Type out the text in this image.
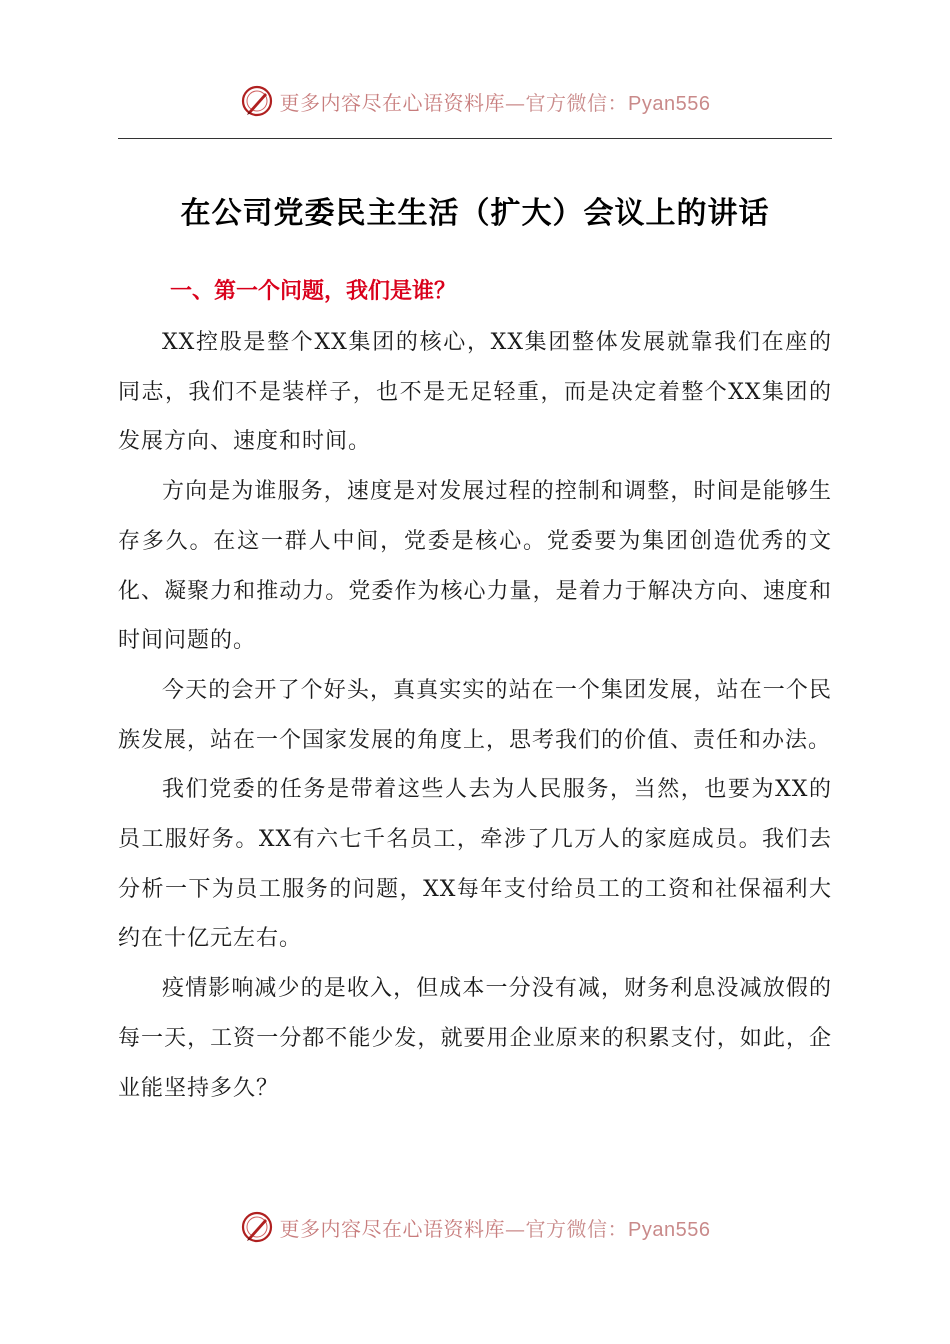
更多内容尽在心语资料库—官方微信：Pyan556
在公司党委民主生活（扩大）会议上的讲话
一、第一个问题，我们是谁？

XX控股是整个XX集团的核心，XX集团整体发展就靠我们在座的同志，我们不是装样子，也不是无足轻重，而是决定着整个XX集团的发展方向、速度和时间。

方向是为谁服务，速度是对发展过程的控制和调整，时间是能够生存多久。在这一群人中间，党委是核心。党委要为集团创造优秀的文化、凝聚力和推动力。党委作为核心力量，是着力于解决方向、速度和时间问题的。

今天的会开了个好头，真真实实的站在一个集团发展，站在一个民族发展，站在一个国家发展的角度上，思考我们的价值、责任和办法。

我们党委的任务是带着这些人去为人民服务，当然，也要为XX的员工服好务。XX有六七千名员工，牵涉了几万人的家庭成员。我们去分析一下为员工服务的问题，XX每年支付给员工的工资和社保福利大约在十亿元左右。

疫情影响减少的是收入，但成本一分没有减，财务利息没减放假的每一天，工资一分都不能少发，就要用企业原来的积累支付，如此，企业能坚持多久？

更多内容尽在心语资料库—官方微信：Pyan556
